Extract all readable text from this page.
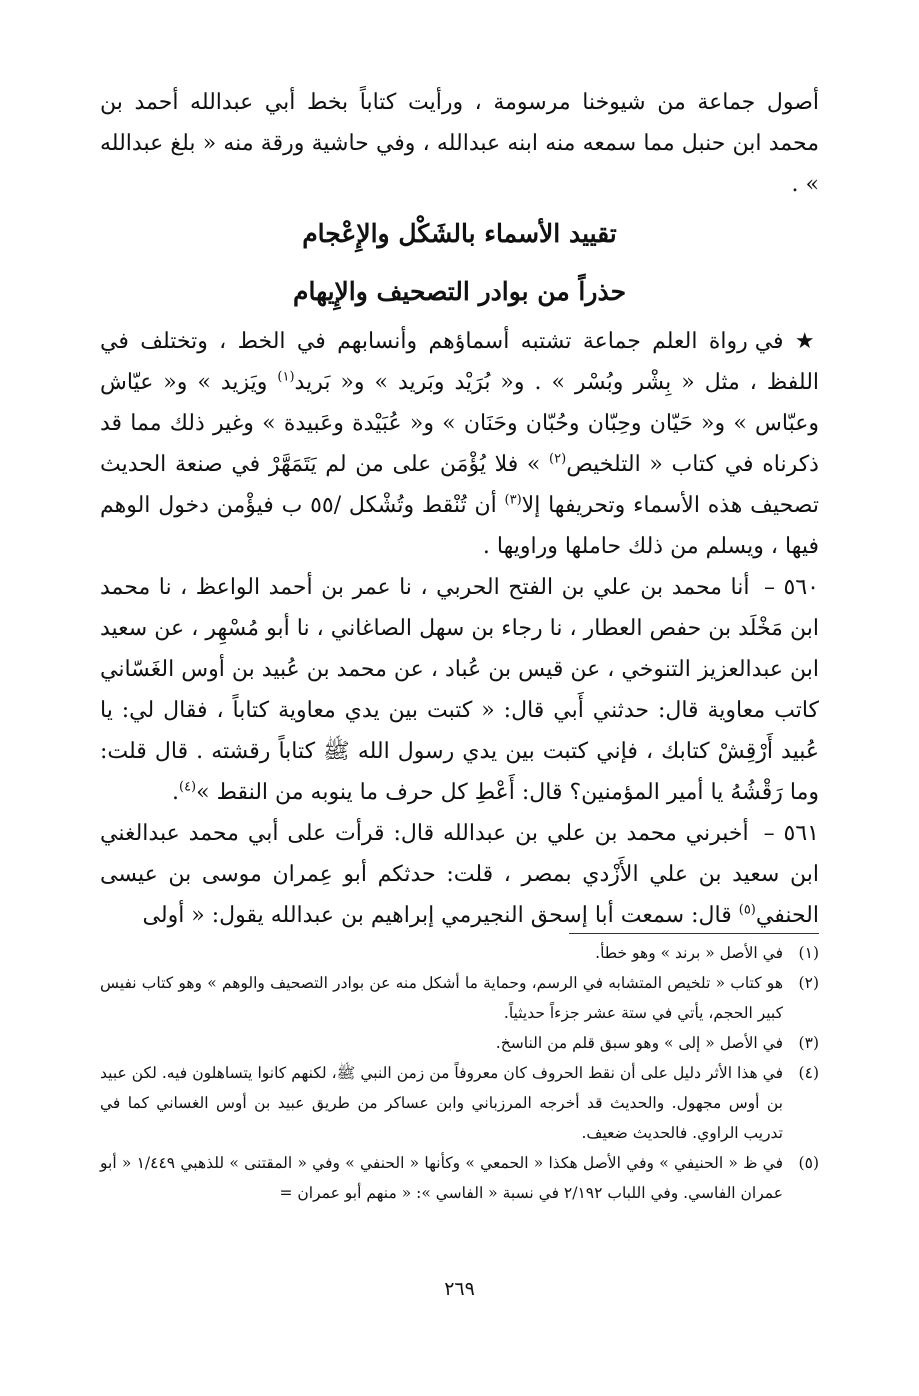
أصول جماعة من شيوخنا مرسومة ، ورأيت كتاباً بخط أبي عبدالله أحمد بن محمد ابن حنبل مما سمعه منه ابنه عبدالله ، وفي حاشية ورقة منه « بلغ عبدالله » .

تقييد الأسماء بالشَكْل والإِعْجام

حذراً من بوادر التصحيف والإِيهام

★ في رواة العلم جماعة تشتبه أسماؤهم وأنسابهم في الخط ، وتختلف في اللفظ ، مثل « بِشْر وبُسْر » . و« بُرَيْد وبَريد » و« بَريد$^{(١)}$ ويَزيد » و« عيّاش وعبّاس » و« حَيّان وحِبّان وحُبّان وحَنَان » و« عُبَيْدة وعَبيدة » وغير ذلك مما قد ذكرناه في كتاب « التلخيص$^{(٢)}$ » فلا يُؤْمَن على من لم يَتَمَهَّرْ في صنعة الحديث تصحيف هذه الأسماء وتحريفها إلا$^{(٣)}$ أن تُنْقط وتُشْكل /٥٥ ب فيؤْمن دخول الوهم فيها ، ويسلم من ذلك حاملها وراويها .

٥٦٠ – أنا محمد بن علي بن الفتح الحربي ، نا عمر بن أحمد الواعظ ، نا محمد ابن مَخْلَد بن حفص العطار ، نا رجاء بن سهل الصاغاني ، نا أبو مُسْهِر ، عن سعيد ابن عبدالعزيز التنوخي ، عن قيس بن عُباد ، عن محمد بن عُبيد بن أوس الغَسّاني كاتب معاوية قال: حدثني أَبي قال: « كتبت بين يدي معاوية كتاباً ، فقال لي: يا عُبيد أَرْقِشْ كتابك ، فإني كتبت بين يدي رسول الله ﷺ كتاباً رقشته . قال قلت: وما رَقْشُهُ يا أمير المؤمنين؟ قال: أَعْطِ كل حرف ما ينوبه من النقط »$^{(٤)}$.

٥٦١ – أخبرني محمد بن علي بن عبدالله قال: قرأت على أبي محمد عبدالغني ابن سعيد بن علي الأَزْدي بمصر ، قلت: حدثكم أبو عِمران موسى بن عيسى الحنفي$^{(٥)}$ قال: سمعت أبا إسحق النجيرمي إبراهيم بن عبدالله يقول: « أولى

(١)
في الأصل « برند » وهو خطأ.
(٢)
هو كتاب « تلخيص المتشابه في الرسم، وحماية ما أشكل منه عن بوادر التصحيف والوهم » وهو كتاب نفيس كبير الحجم، يأتي في ستة عشر جزءاً حديثياً.
(٣)
في الأصل « إلى » وهو سبق قلم من الناسخ.
(٤)
في هذا الأثر دليل على أن نقط الحروف كان معروفاً من زمن النبي ﷺ، لكنهم كانوا يتساهلون فيه. لكن عبيد بن أوس مجهول. والحديث قد أخرجه المرزباني وابن عساكر من طريق عبيد بن أوس الغساني كما في تدريب الراوي. فالحديث ضعيف.
(٥)
في ظ « الحنيفي » وفي الأصل هكذا « الحمعي » وكأنها « الحنفي » وفي « المقتنى » للذهبي ١/٤٤٩ « أبو عمران الفاسي. وفي اللباب ٢/١٩٢ في نسبة « الفاسي »: « منهم أبو عمران =
٢٦٩
